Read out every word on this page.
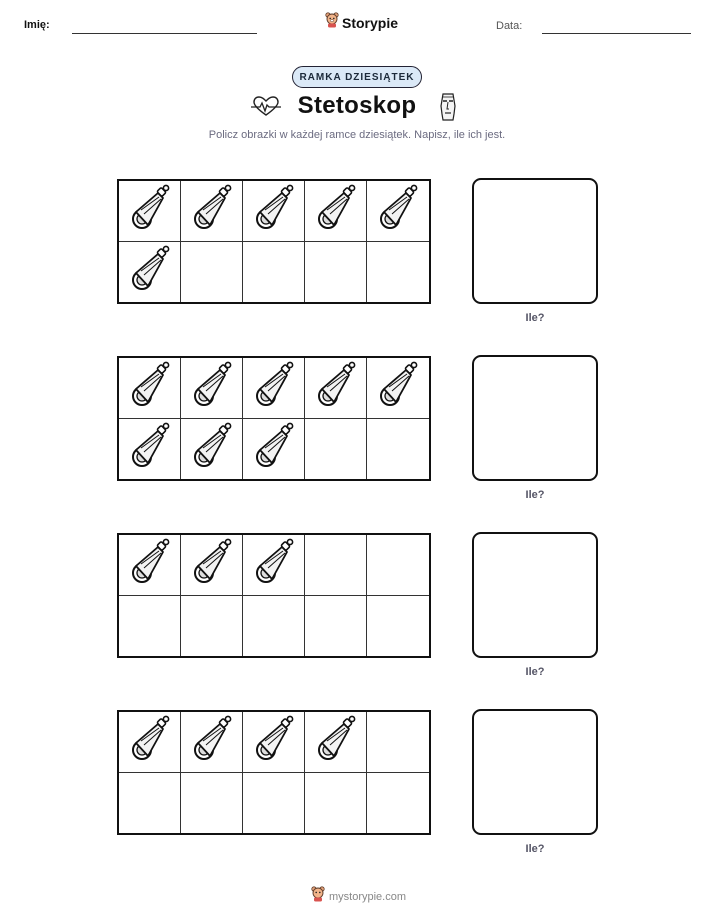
Imię:	Storypie	Data:
RAMKA DZIESIĄTEK
Stetoskop
Policz obrazki w każdej ramce dziesiątek. Napisz, ile ich jest.
Ile?
Ile?
Ile?
Ile?
mystorypie.com
